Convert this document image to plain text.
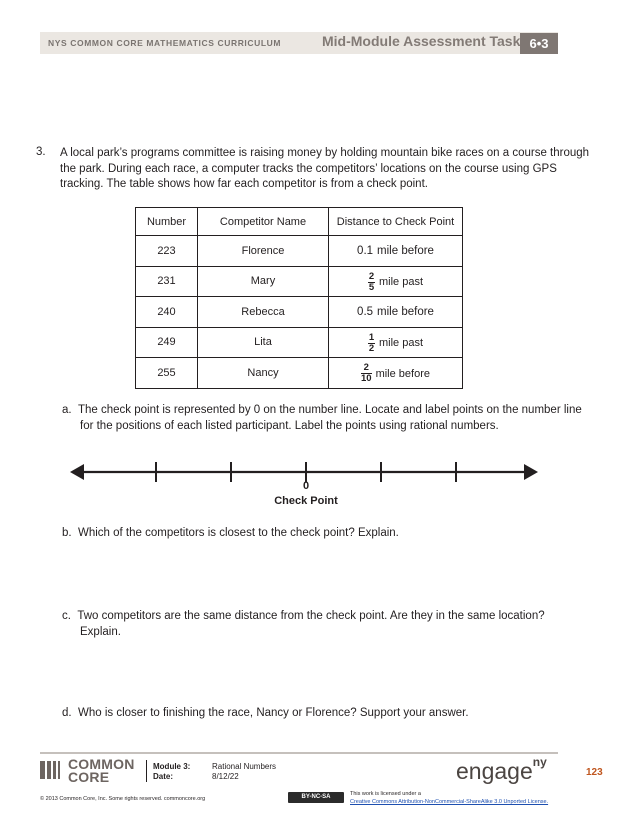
NYS COMMON CORE MATHEMATICS CURRICULUM	Mid-Module Assessment Task 6•3
3. A local park’s programs committee is raising money by holding mountain bike races on a course through
the park. During each race, a computer tracks the competitors’ locations on the course using GPS
tracking. The table shows how far each competitor is from a check point.
Number	Competitor Name	Distance to Check Point
223	Florence	0.1 mile before

231	Mary	$\frac{2}{5}$ mile past

240	Rebecca	0.5 mile before

249	Lita	$\frac{1}{2}$ mile past

255	Nancy	$\frac{2}{10}$ mile before
a. The check point is represented by 0 on the number line. Locate and label points on the number line
for the positions of each listed participant. Label the points using rational numbers.
0
Check Point
b. Which of the competitors is closest to the check point? Explain.
c. Two competitors are the same distance from the check point. Are they in the same location?
Explain.
d. Who is closer to finishing the race, Nancy or Florence? Support your answer.
COMMON
CORE
Module 3:
Date:
Rational Numbers
8/12/22	engage$^{ny}$
123
© 2013 Common Core, Inc. Some rights reserved. commoncore.org	BY-NC-SA	This work is licensed under a
Creative Commons Attribution-NonCommercial-ShareAlike 3.0 Unported License.
